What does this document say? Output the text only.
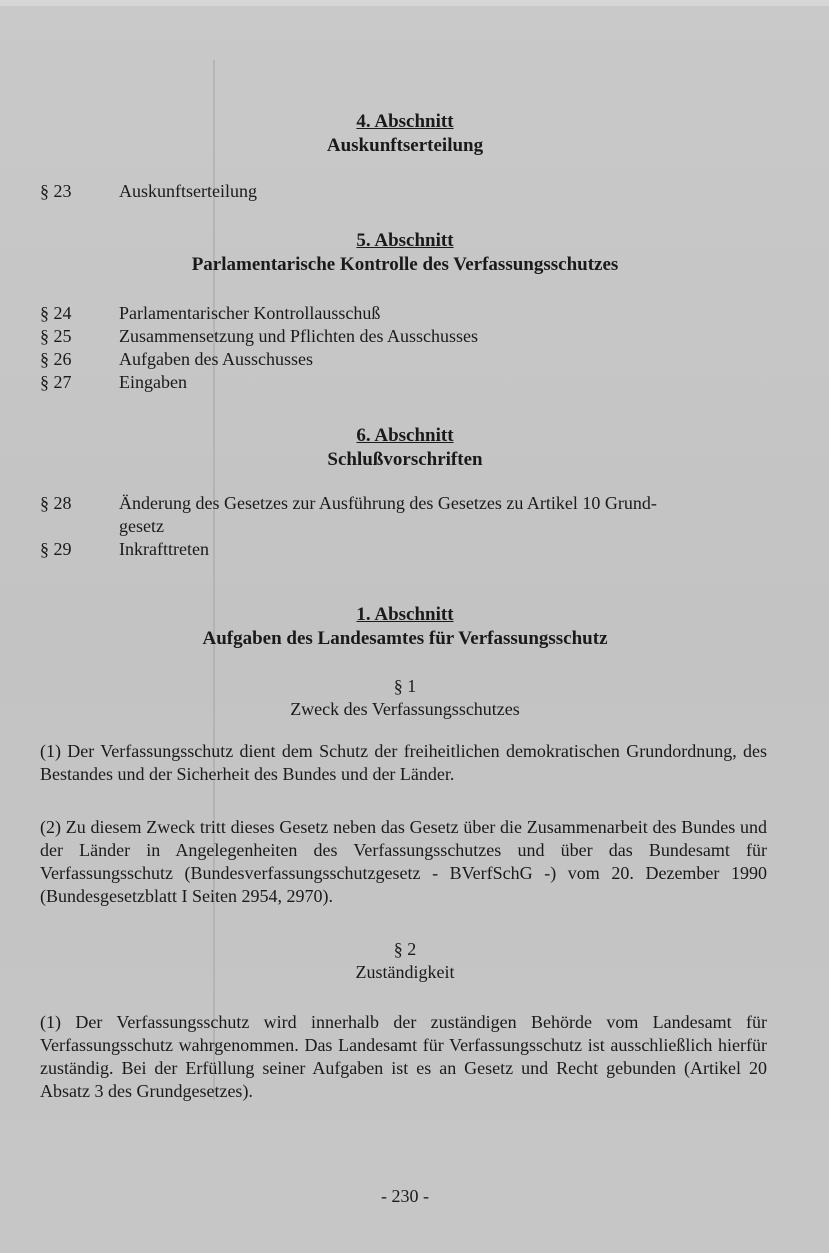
4. Abschnitt
Auskunftserteilung
§ 23	Auskunftserteilung
5. Abschnitt
Parlamentarische Kontrolle des Verfassungsschutzes
§ 24	Parlamentarischer Kontrollausschuß
§ 25	Zusammensetzung und Pflichten des Ausschusses
§ 26	Aufgaben des Ausschusses
§ 27	Eingaben
6. Abschnitt
Schlußvorschriften
§ 28	Änderung des Gesetzes zur Ausführung des Gesetzes zu Artikel 10 Grund-
gesetz
§ 29	Inkrafttreten
1. Abschnitt
Aufgaben des Landesamtes für Verfassungsschutz
§ 1
Zweck des Verfassungsschutzes
(1) Der Verfassungsschutz dient dem Schutz der freiheitlichen demokratischen Grundordnung, des Bestandes und der Sicherheit des Bundes und der Länder.
(2) Zu diesem Zweck tritt dieses Gesetz neben das Gesetz über die Zusammenarbeit des Bundes und der Länder in Angelegenheiten des Verfassungsschutzes und über das Bundesamt für Verfassungsschutz (Bundesverfassungsschutzgesetz - BVerfSchG -) vom 20. Dezember 1990 (Bundesgesetzblatt I Seiten 2954, 2970).
§ 2
Zuständigkeit
(1) Der Verfassungsschutz wird innerhalb der zuständigen Behörde vom Landesamt für Verfassungsschutz wahrgenommen. Das Landesamt für Verfassungsschutz ist ausschließlich hierfür zuständig. Bei der Erfüllung seiner Aufgaben ist es an Gesetz und Recht gebunden (Artikel 20 Absatz 3 des Grundgesetzes).
- 230 -
